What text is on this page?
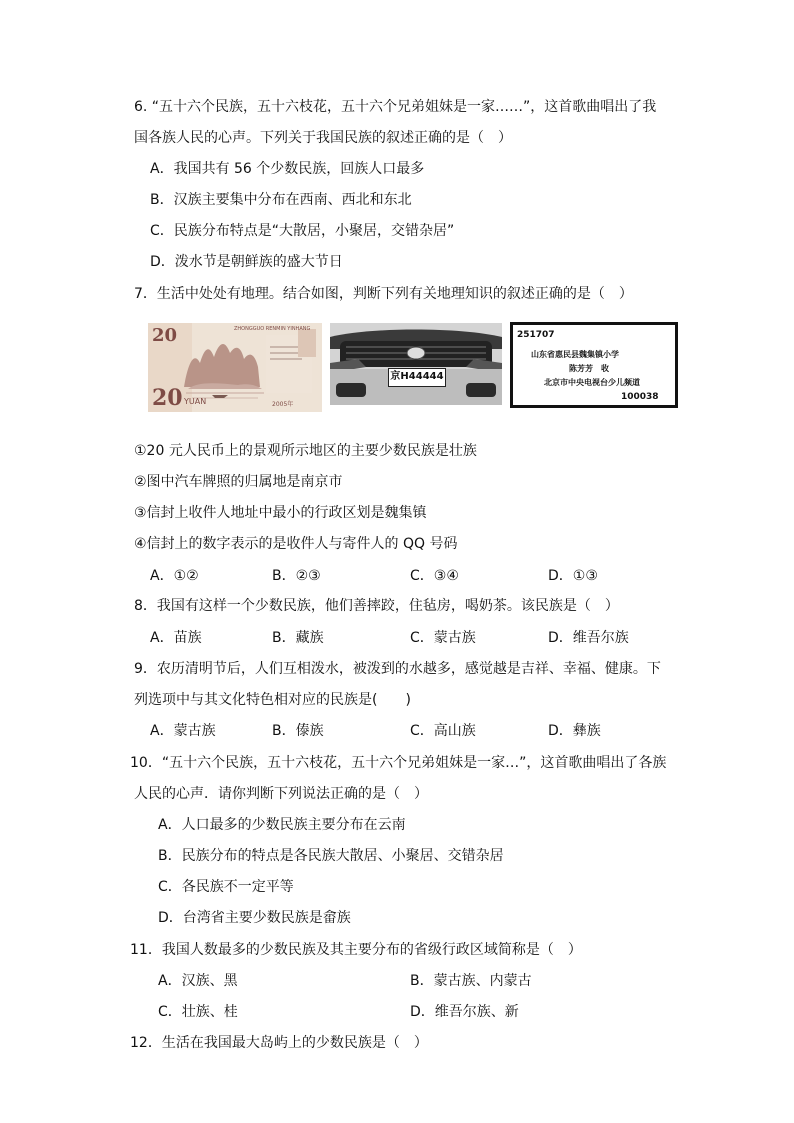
6. “五十六个民族，五十六枝花，五十六个兄弟姐妹是一家……”，这首歌曲唱出了我
国各族人民的心声。下列关于我国民族的叙述正确的是（　）
A．我国共有 56 个少数民族，回族人口最多
B．汉族主要集中分布在西南、西北和东北
C．民族分布特点是“大散居，小聚居，交错杂居”
D．泼水节是朝鲜族的盛大节日
7．生活中处处有地理。结合如图，判断下列有关地理知识的叙述正确的是（　）
20
20 YUAN
ZHONGGUO RENMIN YINHANG
2005年
京H44444
251707
山东省惠民县魏集镇小学
陈芳芳　收
北京市中央电视台少儿频道
100038
①20 元人民币上的景观所示地区的主要少数民族是壮族
②图中汽车牌照的归属地是南京市
③信封上收件人地址中最小的行政区划是魏集镇
④信封上的数字表示的是收件人与寄件人的 QQ 号码
A．①②	B．②③	C．③④	D．①③
8．我国有这样一个少数民族，他们善摔跤，住毡房，喝奶茶。该民族是（　）
A．苗族	B．藏族	C．蒙古族	D．维吾尔族
9．农历清明节后，人们互相泼水，被泼到的水越多，感觉越是吉祥、幸福、健康。下
列选项中与其文化特色相对应的民族是(　　)
A．蒙古族	B．傣族	C．高山族	D．彝族
10．“五十六个民族，五十六枝花，五十六个兄弟姐妹是一家…”，这首歌曲唱出了各族
人民的心声．请你判断下列说法正确的是（　）
A．人口最多的少数民族主要分布在云南
B．民族分布的特点是各民族大散居、小聚居、交错杂居
C．各民族不一定平等
D．台湾省主要少数民族是畲族
11．我国人数最多的少数民族及其主要分布的省级行政区域简称是（　）
A．汉族、黑	B．蒙古族、内蒙古
C．壮族、桂	D．维吾尔族、新
12．生活在我国最大岛屿上的少数民族是（　）
